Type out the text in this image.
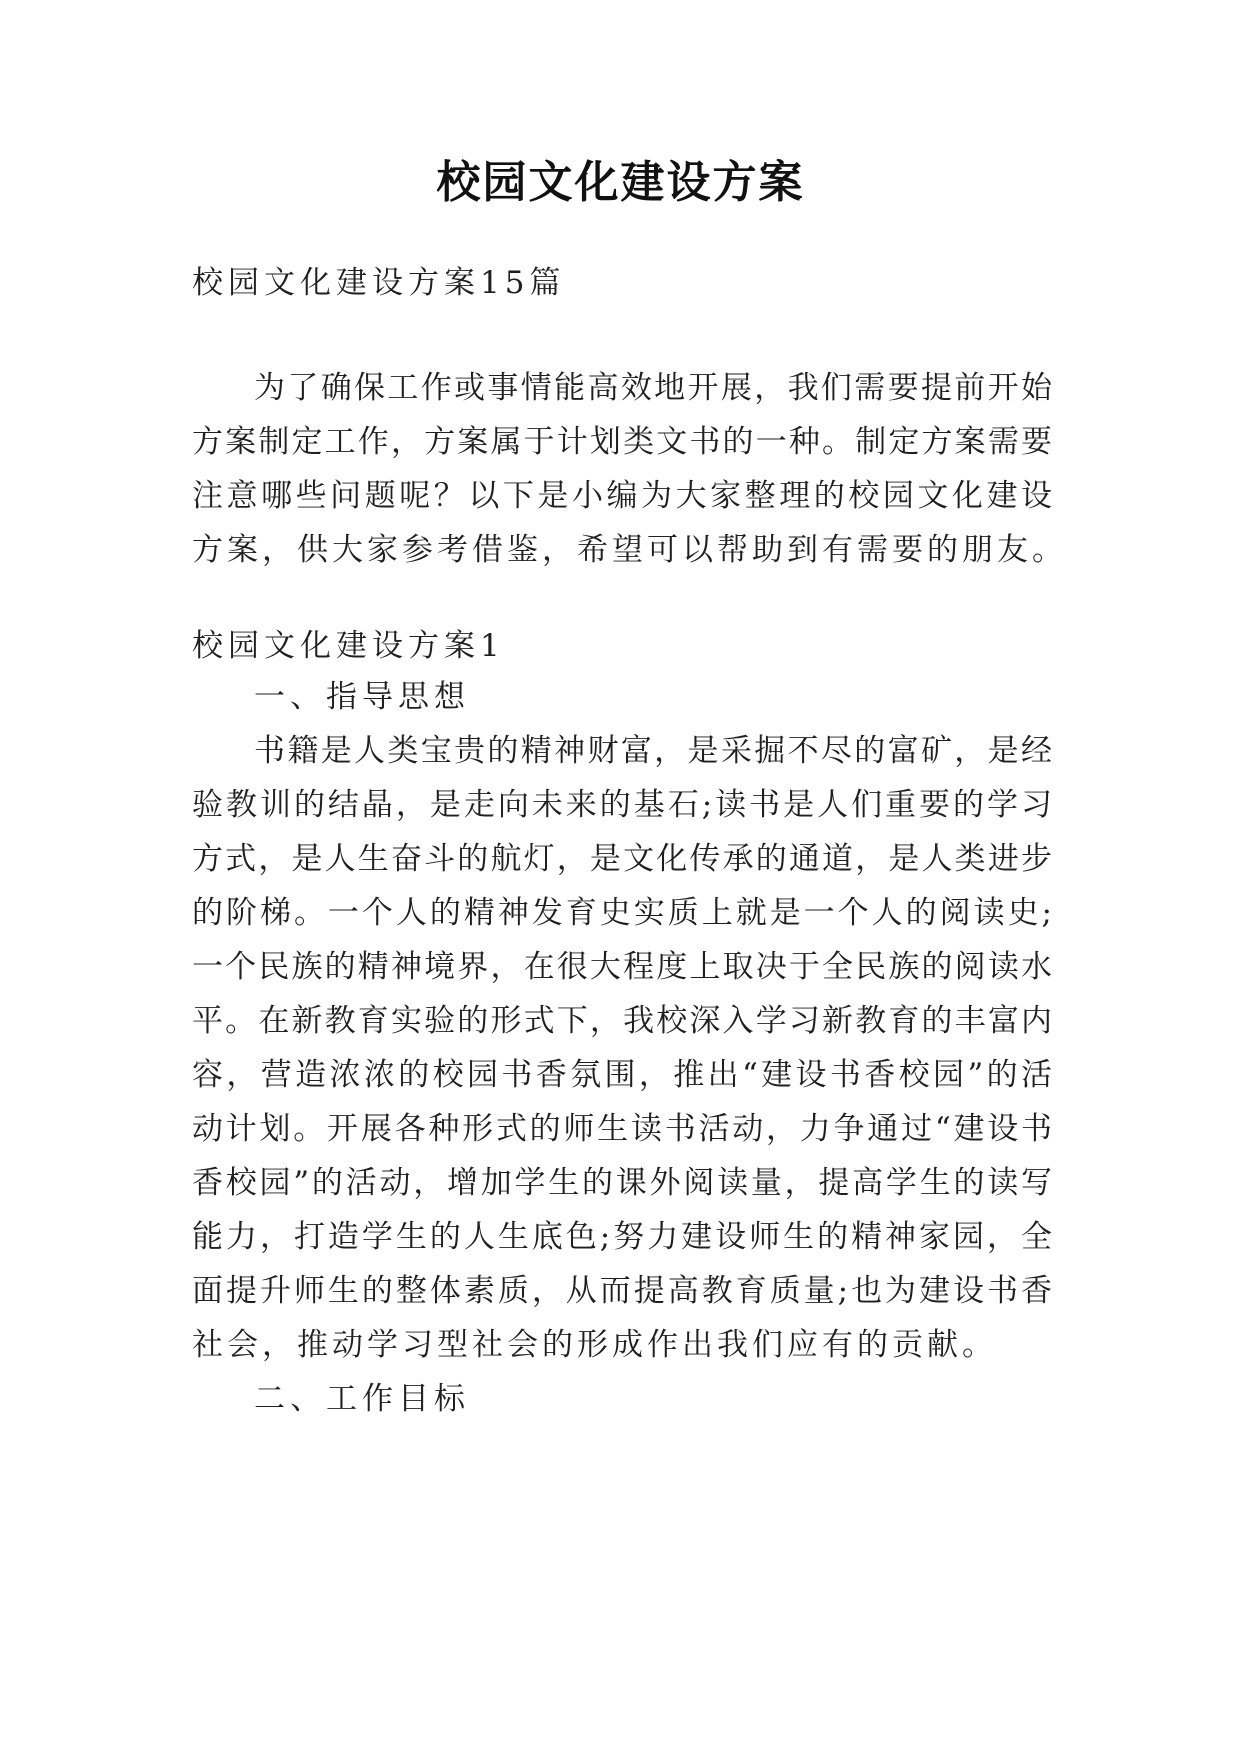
校园文化建设方案
校园文化建设方案15篇
为了确保工作或事情能高效地开展，我们需要提前开始
方案制定工作，方案属于计划类文书的一种。制定方案需要
注意哪些问题呢？以下是小编为大家整理的校园文化建设
方案，供大家参考借鉴，希望可以帮助到有需要的朋友。
校园文化建设方案1
一、指导思想
书籍是人类宝贵的精神财富，是采掘不尽的富矿，是经
验教训的结晶，是走向未来的基石;读书是人们重要的学习
方式，是人生奋斗的航灯，是文化传承的通道，是人类进步
的阶梯。一个人的精神发育史实质上就是一个人的阅读史;
一个民族的精神境界，在很大程度上取决于全民族的阅读水
平。在新教育实验的形式下，我校深入学习新教育的丰富内
容，营造浓浓的校园书香氛围，推出“建设书香校园”的活
动计划。开展各种形式的师生读书活动，力争通过“建设书
香校园”的活动，增加学生的课外阅读量，提高学生的读写
能力，打造学生的人生底色;努力建设师生的精神家园，全
面提升师生的整体素质，从而提高教育质量;也为建设书香
社会，推动学习型社会的形成作出我们应有的贡献。
二、工作目标
